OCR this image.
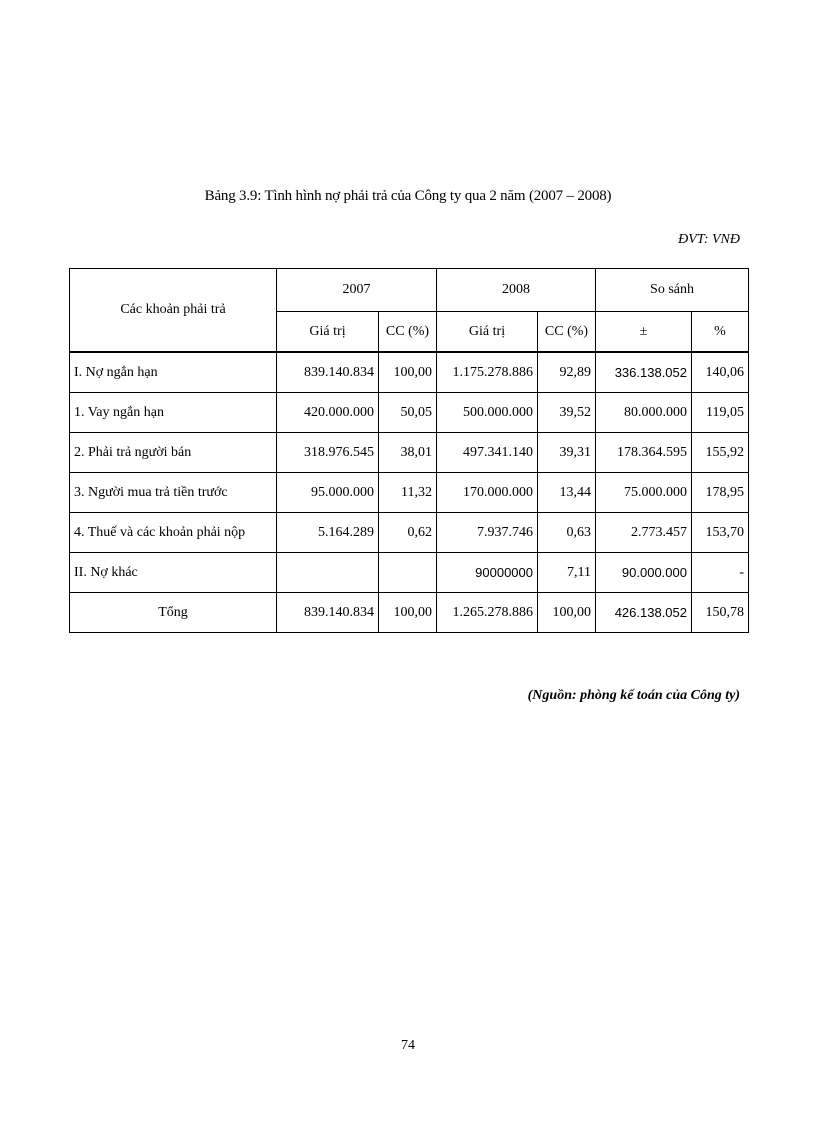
Bảng 3.9: Tình hình nợ phải trả của Công ty qua 2 năm (2007 – 2008)
ĐVT: VNĐ
Các khoản phải trả	2007		2008		So sánh	
	Giá trị	CC (%)	Giá trị	CC (%)	±	%
I. Nợ ngắn hạn	839.140.834	100,00	1.175.278.886	92,89	336.138.052	140,06
1. Vay ngắn hạn	420.000.000	50,05	500.000.000	39,52	80.000.000	119,05
2. Phải trả người bán	318.976.545	38,01	497.341.140	39,31	178.364.595	155,92
3. Người mua trả tiền trước	95.000.000	11,32	170.000.000	13,44	75.000.000	178,95
4. Thuế và các khoản phải nộp	5.164.289	0,62	7.937.746	0,63	2.773.457	153,70
II. Nợ khác			90000000	7,11	90.000.000	-
Tổng	839.140.834	100,00	1.265.278.886	100,00	426.138.052	150,78
(Nguồn: phòng kế toán của Công ty)
74
